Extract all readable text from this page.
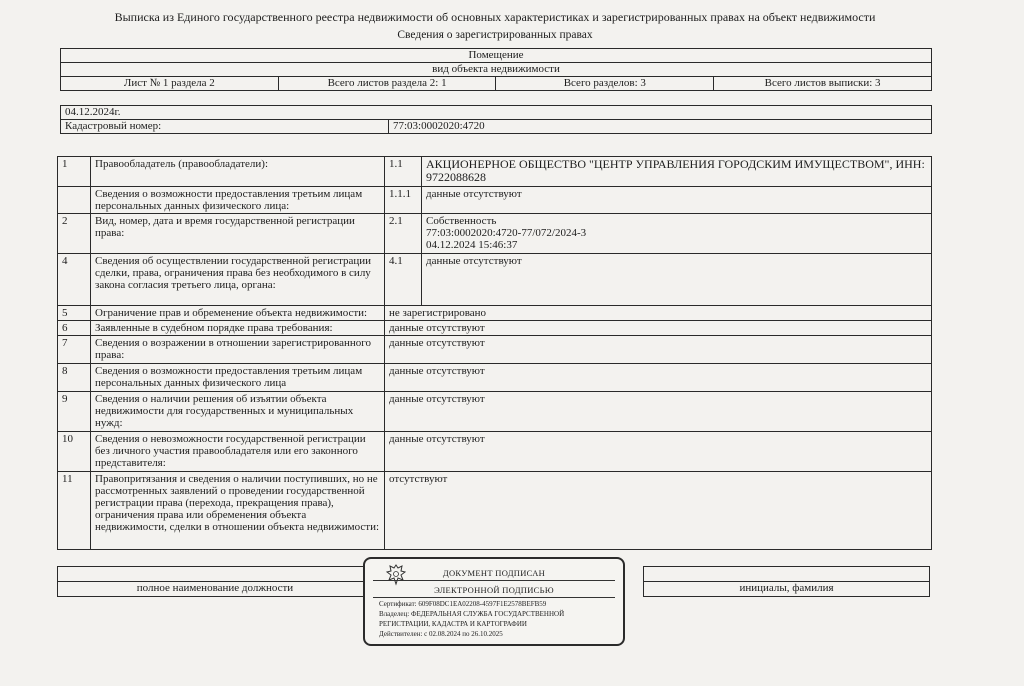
Выписка из Единого государственного реестра недвижимости об основных характеристиках и зарегистрированных правах на объект недвижимости
Сведения о зарегистрированных правах
Помещение
вид объекта недвижимости
Лист № 1 раздела 2	Всего листов раздела 2: 1	Всего разделов: 3	Всего листов выписки: 3
04.12.2024г.
Кадастровый номер:	77:03:0002020:4720
1	Правообладатель (правообладатели):	1.1	АКЦИОНЕРНОЕ ОБЩЕСТВО "ЦЕНТР УПРАВЛЕНИЯ ГОРОДСКИМ ИМУЩЕСТВОМ", ИНН: 9722088628
	Сведения о возможности предоставления третьим лицам персональных данных физического лица:	1.1.1	данные отсутствуют
2	Вид, номер, дата и время государственной регистрации права:	2.1	Собственность
77:03:0002020:4720-77/072/2024-3
04.12.2024 15:46:37

4	Сведения об осуществлении государственной регистрации сделки, права, ограничения права без необходимого в силу закона согласия третьего лица, органа:	4.1	данные отсутствуют
5	Ограничение прав и обременение объекта недвижимости:	не зарегистрировано	
6	Заявленные в судебном порядке права требования:	данные отсутствуют	
7	Сведения о возражении в отношении зарегистрированного права:	данные отсутствуют	
8	Сведения о возможности предоставления третьим лицам персональных данных физического лица	данные отсутствуют	
9	Сведения о наличии решения об изъятии объекта недвижимости для государственных и муниципальных нужд:	данные отсутствуют	
10	Сведения о невозможности государственной регистрации без личного участия правообладателя или его законного представителя:	данные отсутствуют	
11	Правопритязания и сведения о наличии поступивших, но не рассмотренных заявлений о проведении государственной регистрации права (перехода, прекращения права), ограничения права или обременения объекта недвижимости, сделки в отношении объекта недвижимости:	отсутствуют	

полное наименование должности		инициалы, фамилия
ДОКУМЕНТ ПОДПИСАН
ЭЛЕКТРОННОЙ ПОДПИСЬЮ
Сертификат: 609F08DC1EA02208-4597F1E2578BEFB59
Владелец: ФЕДЕРАЛЬНАЯ СЛУЖБА ГОСУДАРСТВЕННОЙ
РЕГИСТРАЦИИ, КАДАСТРА И КАРТОГРАФИИ
Действителен: с 02.08.2024 по 26.10.2025
